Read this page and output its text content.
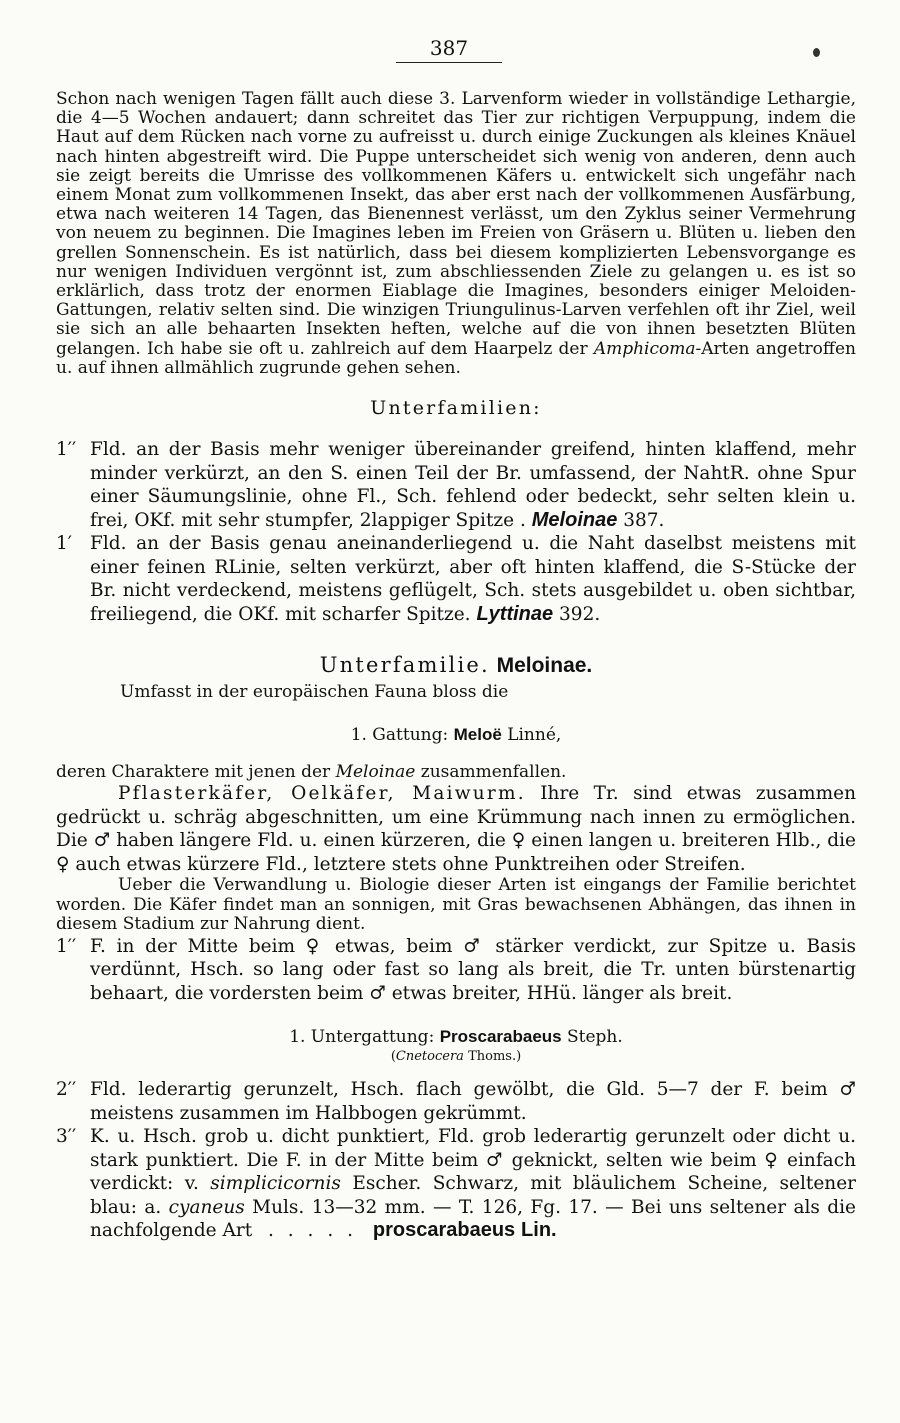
387

Schon nach wenigen Tagen fällt auch diese 3. Larvenform wieder in vollständige Lethargie, die 4—5 Wochen andauert; dann schreitet das Tier zur richtigen Verpuppung, indem die Haut auf dem Rücken nach vorne zu aufreisst u. durch einige Zuckungen als kleines Knäuel nach hinten abgestreift wird. Die Puppe unterscheidet sich wenig von anderen, denn auch sie zeigt bereits die Umrisse des vollkommenen Käfers u. entwickelt sich ungefähr nach einem Monat zum vollkommenen Insekt, das aber erst nach der vollkommenen Ausfärbung, etwa nach weiteren 14 Tagen, das Bienennest verlässt, um den Zyklus seiner Vermehrung von neuem zu beginnen. Die Imagines leben im Freien von Gräsern u. Blüten u. lieben den grellen Sonnenschein. Es ist natürlich, dass bei diesem komplizierten Lebensvorgange es nur wenigen Individuen vergönnt ist, zum abschliessenden Ziele zu gelangen u. es ist so erklärlich, dass trotz der enormen Eiablage die Imagines, besonders einiger Meloiden-Gattungen, relativ selten sind. Die winzigen Triungulinus-Larven verfehlen oft ihr Ziel, weil sie sich an alle behaarten Insekten heften, welche auf die von ihnen besetzten Blüten gelangen. Ich habe sie oft u. zahlreich auf dem Haarpelz der Amphicoma-Arten angetroffen u. auf ihnen allmählich zugrunde gehen sehen.

Unterfamilien:

1′′ Fld. an der Basis mehr weniger übereinander greifend, hinten klaffend, mehr minder verkürzt, an den S. einen Teil der Br. umfassend, der NahtR. ohne Spur einer Säumungslinie, ohne Fl., Sch. fehlend oder bedeckt, sehr selten klein u. frei, OKf. mit sehr stumpfer, 2lappiger Spitze . Meloinae 387.

1′ Fld. an der Basis genau aneinanderliegend u. die Naht daselbst meistens mit einer feinen RLinie, selten verkürzt, aber oft hinten klaffend, die S-Stücke der Br. nicht verdeckend, meistens geflügelt, Sch. stets ausgebildet u. oben sichtbar, freiliegend, die OKf. mit scharfer Spitze. Lyttinae 392.

Unterfamilie. Meloinae.

Umfasst in der europäischen Fauna bloss die

1. Gattung: Meloë Linné,

deren Charaktere mit jenen der Meloinae zusammenfallen.

Pflasterkäfer, Oelkäfer, Maiwurm. Ihre Tr. sind etwas zusammen gedrückt u. schräg abgeschnitten, um eine Krümmung nach innen zu ermöglichen. Die ♂ haben längere Fld. u. einen kürzeren, die ♀ einen langen u. breiteren Hlb., die ♀ auch etwas kürzere Fld., letztere stets ohne Punktreihen oder Streifen.

Ueber die Verwandlung u. Biologie dieser Arten ist eingangs der Familie berichtet worden. Die Käfer findet man an sonnigen, mit Gras bewachsenen Abhängen, das ihnen in diesem Stadium zur Nahrung dient.

1′′ F. in der Mitte beim ♀ etwas, beim ♂ stärker verdickt, zur Spitze u. Basis verdünnt, Hsch. so lang oder fast so lang als breit, die Tr. unten bürstenartig behaart, die vordersten beim ♂ etwas breiter, HHü. länger als breit.

1. Untergattung: Proscarabaeus Steph.

(Cnetocera Thoms.)

2′′ Fld. lederartig gerunzelt, Hsch. flach gewölbt, die Gld. 5—7 der F. beim ♂ meistens zusammen im Halbbogen gekrümmt.

3′′ K. u. Hsch. grob u. dicht punktiert, Fld. grob lederartig gerunzelt oder dicht u. stark punktiert. Die F. in der Mitte beim ♂ geknickt, selten wie beim ♀ einfach verdickt: v. simplicicornis Escher. Schwarz, mit bläulichem Scheine, seltener blau: a. cyaneus Muls. 13—32 mm. — T. 126, Fg. 17. — Bei uns seltener als die nachfolgende Art . . . . . proscarabaeus Lin.
